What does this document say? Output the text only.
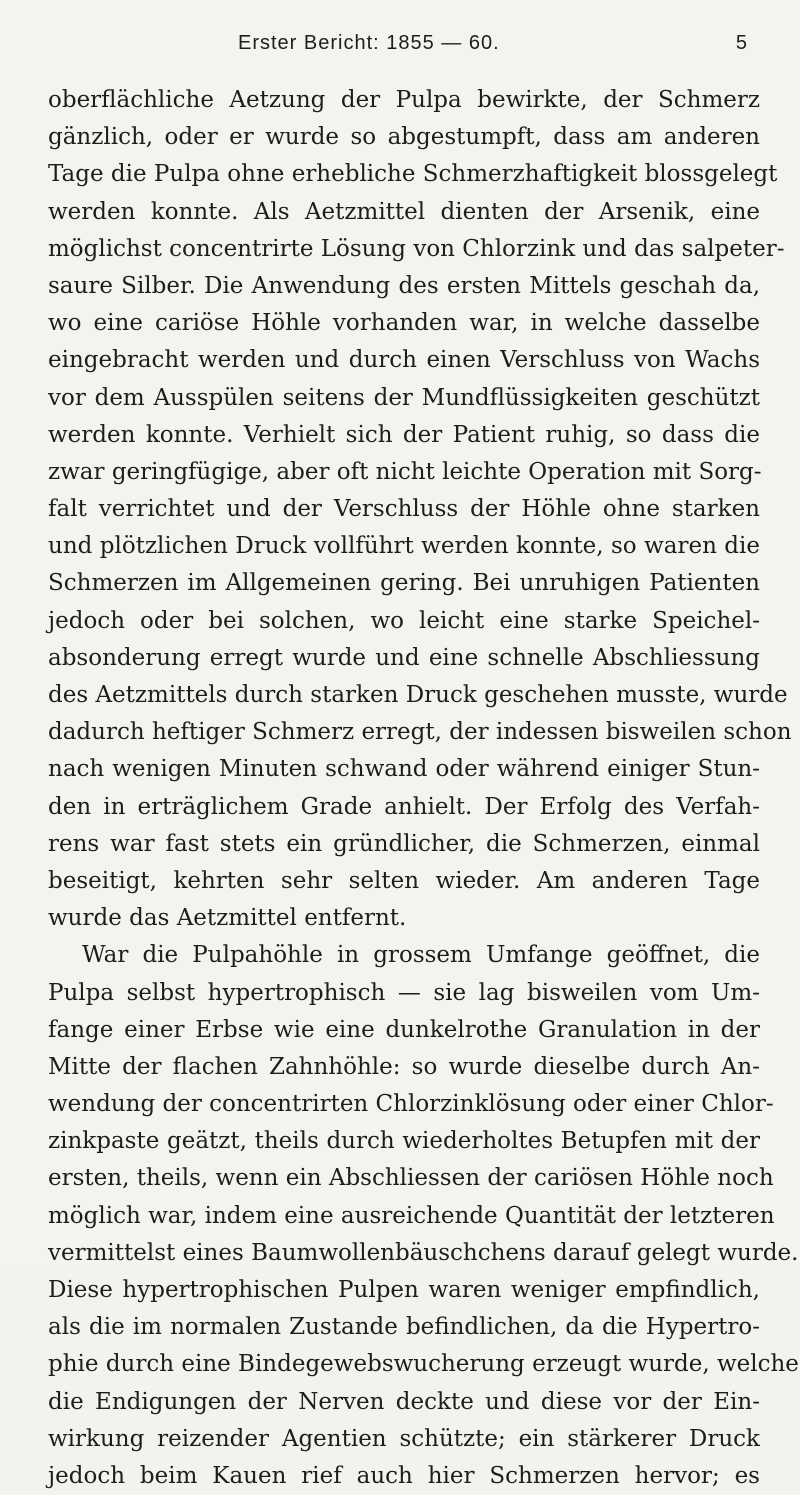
Erster Bericht: 1855 — 60.	5
oberflächliche Aetzung der Pulpa bewirkte, der Schmerz
gänzlich, oder er wurde so abgestumpft, dass am anderen
Tage die Pulpa ohne erhebliche Schmerzhaftigkeit blossgelegt
werden konnte. Als Aetzmittel dienten der Arsenik, eine
möglichst concentrirte Lösung von Chlorzink und das salpeter-
saure Silber. Die Anwendung des ersten Mittels geschah da,
wo eine cariöse Höhle vorhanden war, in welche dasselbe
eingebracht werden und durch einen Verschluss von Wachs
vor dem Ausspülen seitens der Mundflüssigkeiten geschützt
werden konnte. Verhielt sich der Patient ruhig, so dass die
zwar geringfügige, aber oft nicht leichte Operation mit Sorg-
falt verrichtet und der Verschluss der Höhle ohne starken
und plötzlichen Druck vollführt werden konnte, so waren die
Schmerzen im Allgemeinen gering. Bei unruhigen Patienten
jedoch oder bei solchen, wo leicht eine starke Speichel-
absonderung erregt wurde und eine schnelle Abschliessung
des Aetzmittels durch starken Druck geschehen musste, wurde
dadurch heftiger Schmerz erregt, der indessen bisweilen schon
nach wenigen Minuten schwand oder während einiger Stun-
den in erträglichem Grade anhielt. Der Erfolg des Verfah-
rens war fast stets ein gründlicher, die Schmerzen, einmal
beseitigt, kehrten sehr selten wieder. Am anderen Tage
wurde das Aetzmittel entfernt.
War die Pulpahöhle in grossem Umfange geöffnet, die
Pulpa selbst hypertrophisch — sie lag bisweilen vom Um-
fange einer Erbse wie eine dunkelrothe Granulation in der
Mitte der flachen Zahnhöhle: so wurde dieselbe durch An-
wendung der concentrirten Chlorzinklösung oder einer Chlor-
zinkpaste geätzt, theils durch wiederholtes Betupfen mit der
ersten, theils, wenn ein Abschliessen der cariösen Höhle noch
möglich war, indem eine ausreichende Quantität der letzteren
vermittelst eines Baumwollenbäuschchens darauf gelegt wurde.
Diese hypertrophischen Pulpen waren weniger empfindlich,
als die im normalen Zustande befindlichen, da die Hypertro-
phie durch eine Bindegewebswucherung erzeugt wurde, welche
die Endigungen der Nerven deckte und diese vor der Ein-
wirkung reizender Agentien schützte; ein stärkerer Druck
jedoch beim Kauen rief auch hier Schmerzen hervor; es
